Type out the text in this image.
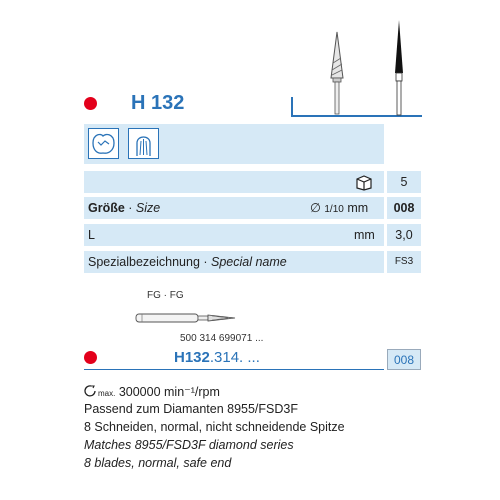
H 132
5
Größe · Size	∅ 1/10 mm	008
L	mm	3,0
Spezialbezeichnung · Special name	FS3
FG · FG
500 314 699071 ...
H132.314. ...	008
max. 300000 min⁻¹/rpm
Passend zum Diamanten 8955/FSD3F
8 Schneiden, normal, nicht schneidende Spitze
Matches 8955/FSD3F diamond series
8 blades, normal, safe end
